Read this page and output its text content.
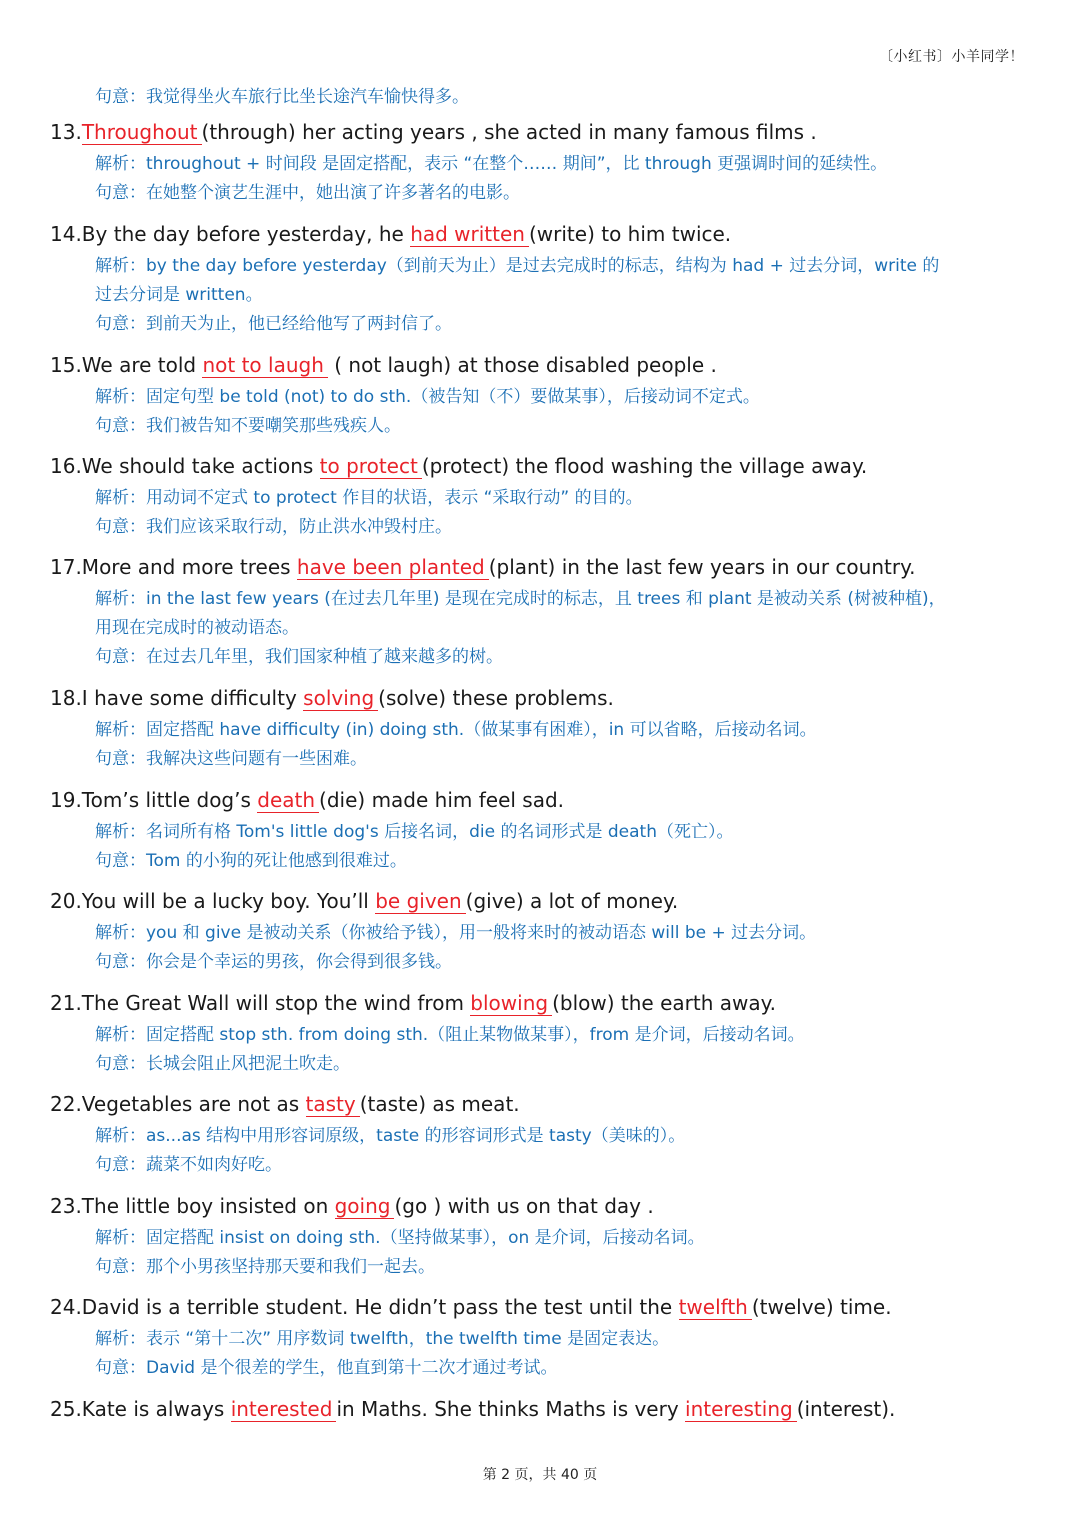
〔小红书〕小羊同学！
句意：我觉得坐火车旅行比坐长途汽车愉快得多。
13.Throughout (through) her acting years , she acted in many famous films .
解析：throughout + 时间段 是固定搭配，表示 “在整个…… 期间”，比 through 更强调时间的延续性。
句意：在她整个演艺生涯中，她出演了许多著名的电影。
14.By the day before yesterday, he had written (write) to him twice.
解析：by the day before yesterday（到前天为止）是过去完成时的标志，结构为 had + 过去分词，write 的
过去分词是 written。
句意：到前天为止，他已经给他写了两封信了。
15.We are told not to laugh ( not laugh) at those disabled people .
解析：固定句型 be told (not) to do sth.（被告知（不）要做某事），后接动词不定式。
句意：我们被告知不要嘲笑那些残疾人。
16.We should take actions to protect (protect) the flood washing the village away.
解析：用动词不定式 to protect 作目的状语，表示 “采取行动” 的目的。
句意：我们应该采取行动，防止洪水冲毁村庄。
17.More and more trees have been planted (plant) in the last few years in our country.
解析：in the last few years (在过去几年里) 是现在完成时的标志，且 trees 和 plant 是被动关系 (树被种植)，
用现在完成时的被动语态。
句意：在过去几年里，我们国家种植了越来越多的树。
18.I have some difficulty solving (solve) these problems.
解析：固定搭配 have difficulty (in) doing sth.（做某事有困难），in 可以省略，后接动名词。
句意：我解决这些问题有一些困难。
19.Tom’s little dog’s death (die) made him feel sad.
解析：名词所有格 Tom's little dog's 后接名词，die 的名词形式是 death（死亡）。
句意：Tom 的小狗的死让他感到很难过。
20.You will be a lucky boy. You’ll be given (give) a lot of money.
解析：you 和 give 是被动关系（你被给予钱），用一般将来时的被动语态 will be + 过去分词。
句意：你会是个幸运的男孩，你会得到很多钱。
21.The Great Wall will stop the wind from blowing (blow) the earth away.
解析：固定搭配 stop sth. from doing sth.（阻止某物做某事），from 是介词，后接动名词。
句意：长城会阻止风把泥土吹走。
22.Vegetables are not as tasty (taste) as meat.
解析：as...as 结构中用形容词原级，taste 的形容词形式是 tasty（美味的）。
句意：蔬菜不如肉好吃。
23.The little boy insisted on going (go ) with us on that day .
解析：固定搭配 insist on doing sth.（坚持做某事），on 是介词，后接动名词。
句意：那个小男孩坚持那天要和我们一起去。
24.David is a terrible student. He didn’t pass the test until the twelfth (twelve) time.
解析：表示 “第十二次” 用序数词 twelfth，the twelfth time 是固定表达。
句意：David 是个很差的学生，他直到第十二次才通过考试。
25.Kate is always interested in Maths. She thinks Maths is very interesting (interest).
第 2 页，共 40 页
